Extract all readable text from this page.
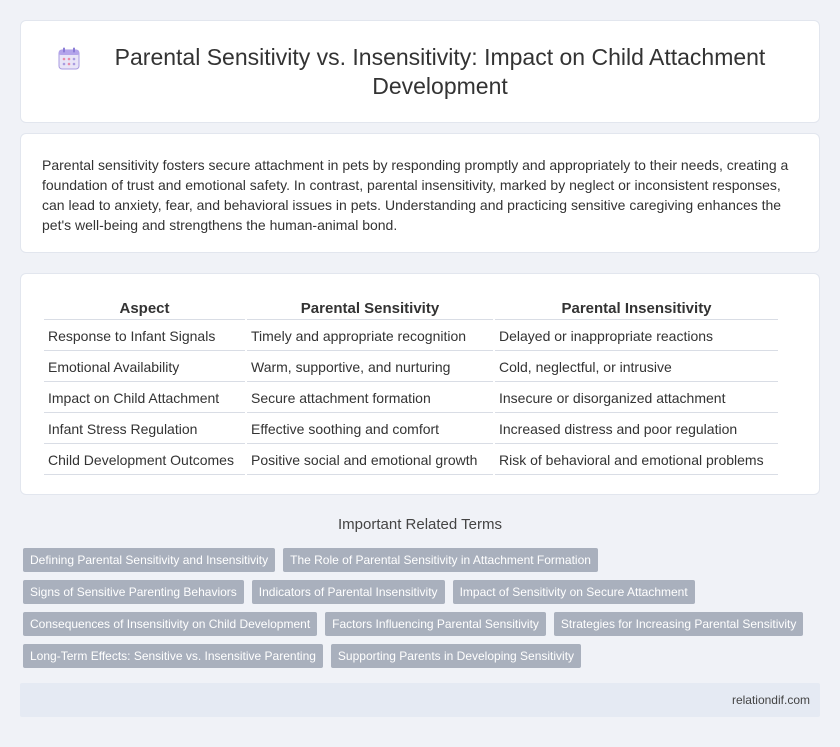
Parental Sensitivity vs. Insensitivity: Impact on Child Attachment Development

Parental sensitivity fosters secure attachment in pets by responding promptly and appropriately to their needs, creating a foundation of trust and emotional safety. In contrast, parental insensitivity, marked by neglect or inconsistent responses, can lead to anxiety, fear, and behavioral issues in pets. Understanding and practicing sensitive caregiving enhances the pet's well-being and strengthens the human-animal bond.

Aspect	Parental Sensitivity	Parental Insensitivity
Response to Infant Signals	Timely and appropriate recognition	Delayed or inappropriate reactions
Emotional Availability	Warm, supportive, and nurturing	Cold, neglectful, or intrusive
Impact on Child Attachment	Secure attachment formation	Insecure or disorganized attachment
Infant Stress Regulation	Effective soothing and comfort	Increased distress and poor regulation
Child Development Outcomes	Positive social and emotional growth	Risk of behavioral and emotional problems
Important Related Terms
Defining Parental Sensitivity and Insensitivity	The Role of Parental Sensitivity in Attachment Formation
Signs of Sensitive Parenting Behaviors	Indicators of Parental Insensitivity	Impact of Sensitivity on Secure Attachment
Consequences of Insensitivity on Child Development	Factors Influencing Parental Sensitivity	Strategies for Increasing Parental Sensitivity
Long-Term Effects: Sensitive vs. Insensitive Parenting	Supporting Parents in Developing Sensitivity
relationdif.com
